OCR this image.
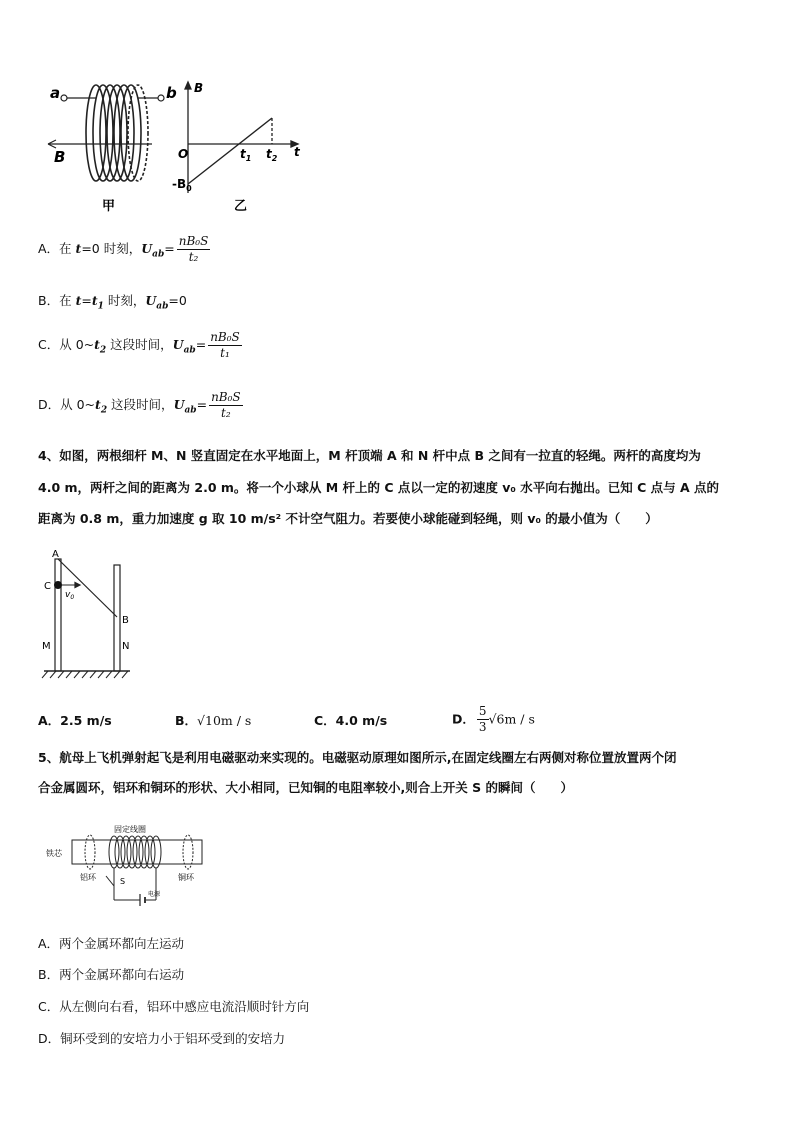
a	b
B
甲
B
t
O
$-B_0$
$t_1$ $t_2$
乙
A．在 t=0 时刻，$U_{ab}= \frac{\text{nB₀S}}{\text{t₂}}$
B．在 $t=t_1$ 时刻，$U_{ab}=0$
C．从 $0\sim t_2$ 这段时间，$U_{ab}= \frac{\text{nB₀S}}{\text{t₁}}$
D．从 $0\sim t_2$ 这段时间，$U_{ab}= \frac{\text{nB₀S}}{\text{t₂}}$
4、如图，两根细杆 M、N 竖直固定在水平地面上，M 杆顶端 A 和 N 杆中点 B 之间有一拉直的轻绳。两杆的高度均为
4.0 m，两杆之间的距离为 2.0 m。将一个小球从 M 杆上的 C 点以一定的初速度 v₀ 水平向右抛出。已知 C 点与 A 点的
距离为 0.8 m，重力加速度 g 取 10 m/s² 不计空气阻力。若要使小球能碰到轻绳，则 v₀ 的最小值为（　　）
A
C
$v_0$
B
M	N
A．2.5 m/s	B．√10m / s	C．4.0 m/s	D． $\frac{5}{3} √6m$ / s
5、航母上飞机弹射起飞是利用电磁驱动来实现的。电磁驱动原理如图所示,在固定线圈左右两侧对称位置放置两个闭
合金属圆环，铝环和铜环的形状、大小相同，已知铜的电阻率较小,则合上开关 S 的瞬间（　　）
固定线圈
铁芯
铝环	铜环
S
电源
A．两个金属环都向左运动
B．两个金属环都向右运动
C．从左侧向右看，铝环中感应电流沿顺时针方向
D．铜环受到的安培力小于铝环受到的安培力
